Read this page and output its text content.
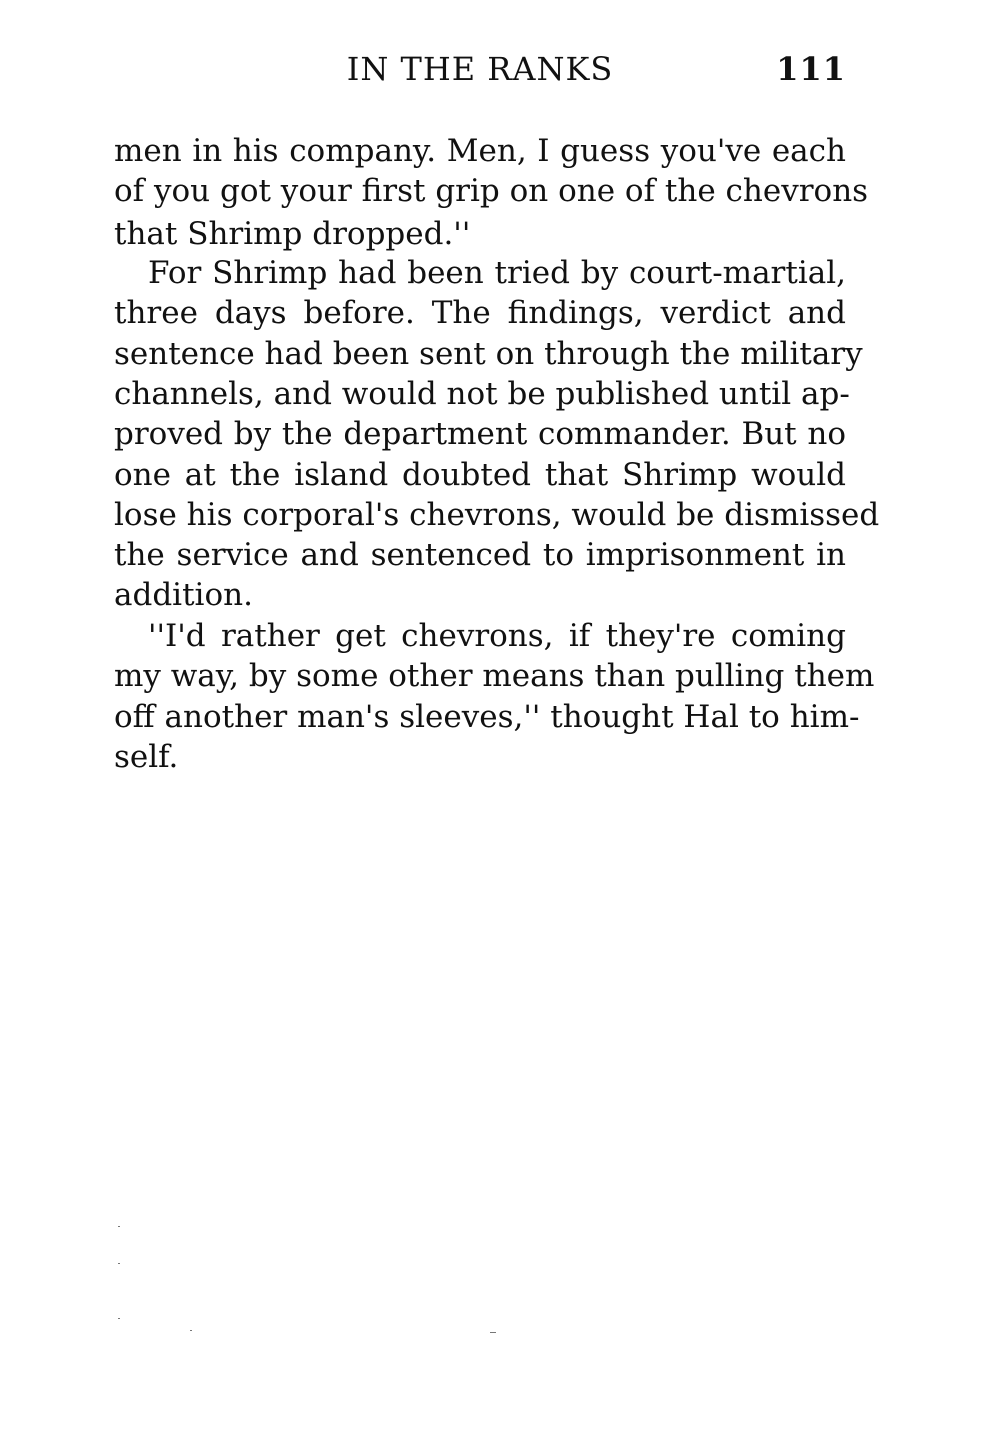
IN THE RANKS	111
men in his company. Men, I guess you've each
of you got your first grip on one of the chevrons
that Shrimp dropped.''
For Shrimp had been tried by court-martial,
three days before. The findings, verdict and
sentence had been sent on through the military
channels, and would not be published until ap-
proved by the department commander. But no
one at the island doubted that Shrimp would
lose his corporal's chevrons, would be dismissed
the service and sentenced to imprisonment in
addition.
''I'd rather get chevrons, if they're coming
my way, by some other means than pulling them
off another man's sleeves,'' thought Hal to him-
self.
